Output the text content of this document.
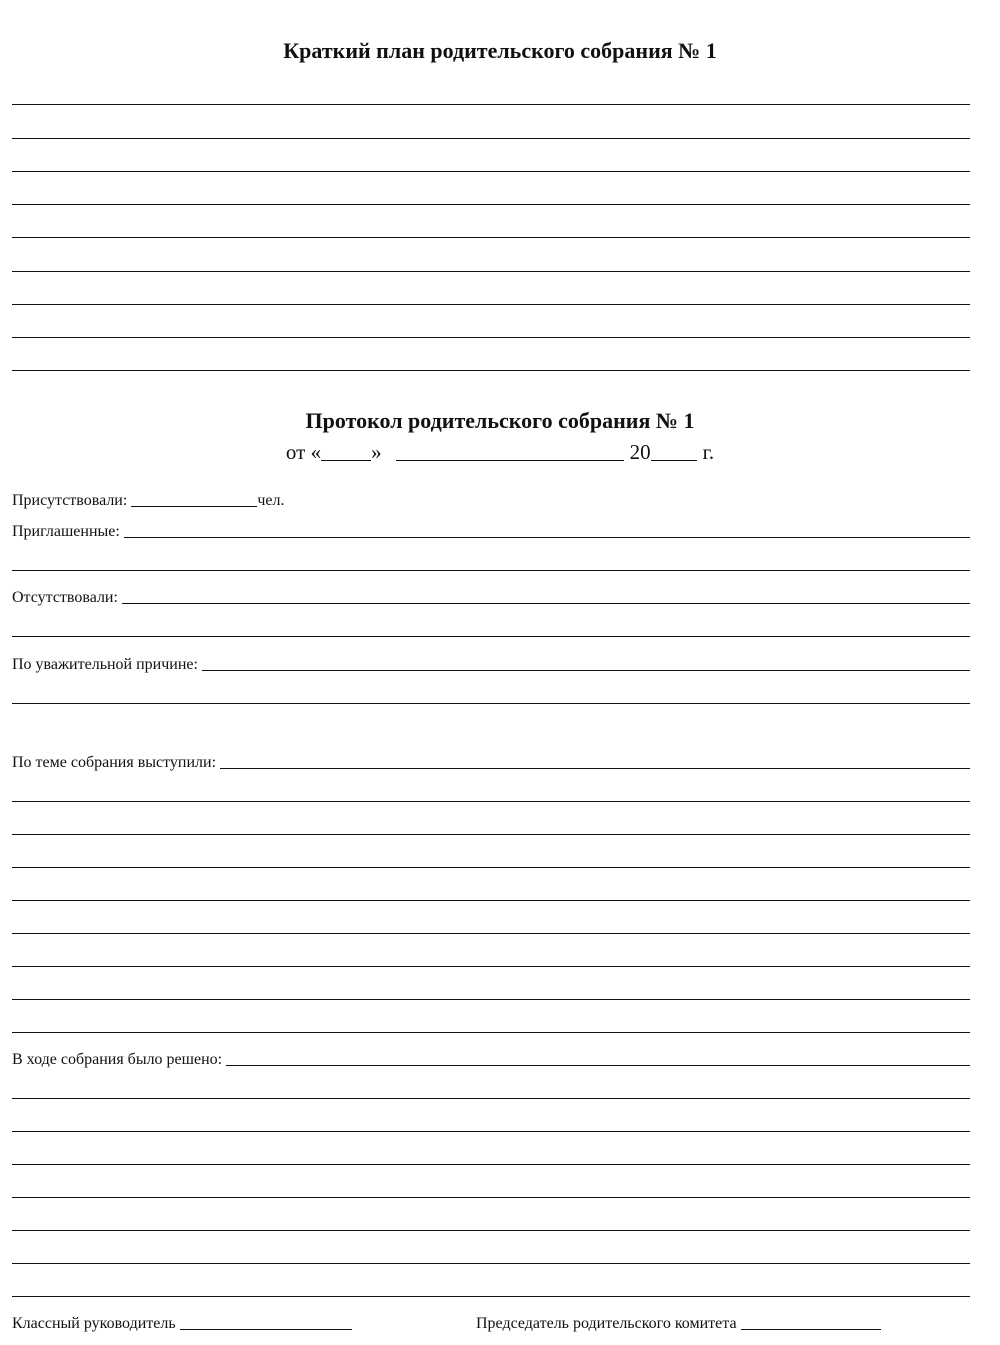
Краткий план родительского собрания № 1
Протокол родительского собрания № 1
от « »	20 г.
Присутствовали:	чел.
Приглашенные:
Отсутствовали:
По уважительной причине:
По теме собрания выступили:
В ходе собрания было решено:
Классный руководитель	Председатель родительского комитета
